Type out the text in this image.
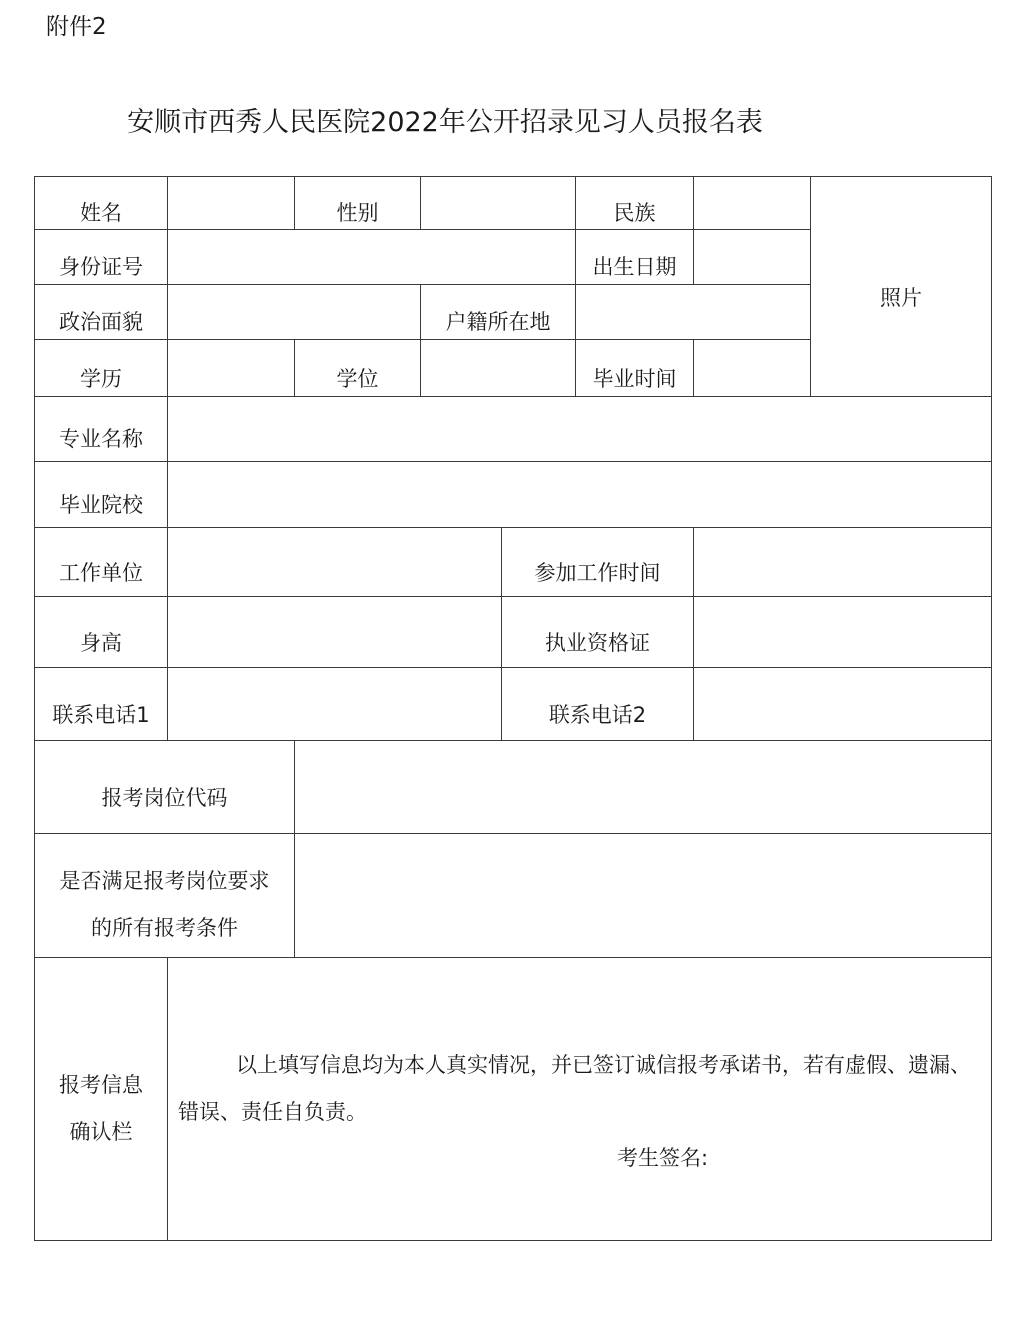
附件2
安顺市西秀人民医院2022年公开招录见习人员报名表
姓名	性别	民族
照片
身份证号	出生日期
政治面貌	户籍所在地
学历	学位	毕业时间
专业名称
毕业院校
工作单位	参加工作时间
身高	执业资格证
联系电话1	联系电话2
报考岗位代码
是否满足报考岗位要求
的所有报考条件
报考信息
确认栏
以上填写信息均为本人真实情况，并已签订诚信报考承诺书，若有虚假、遗漏、错误、责任自负责。
考生签名:
